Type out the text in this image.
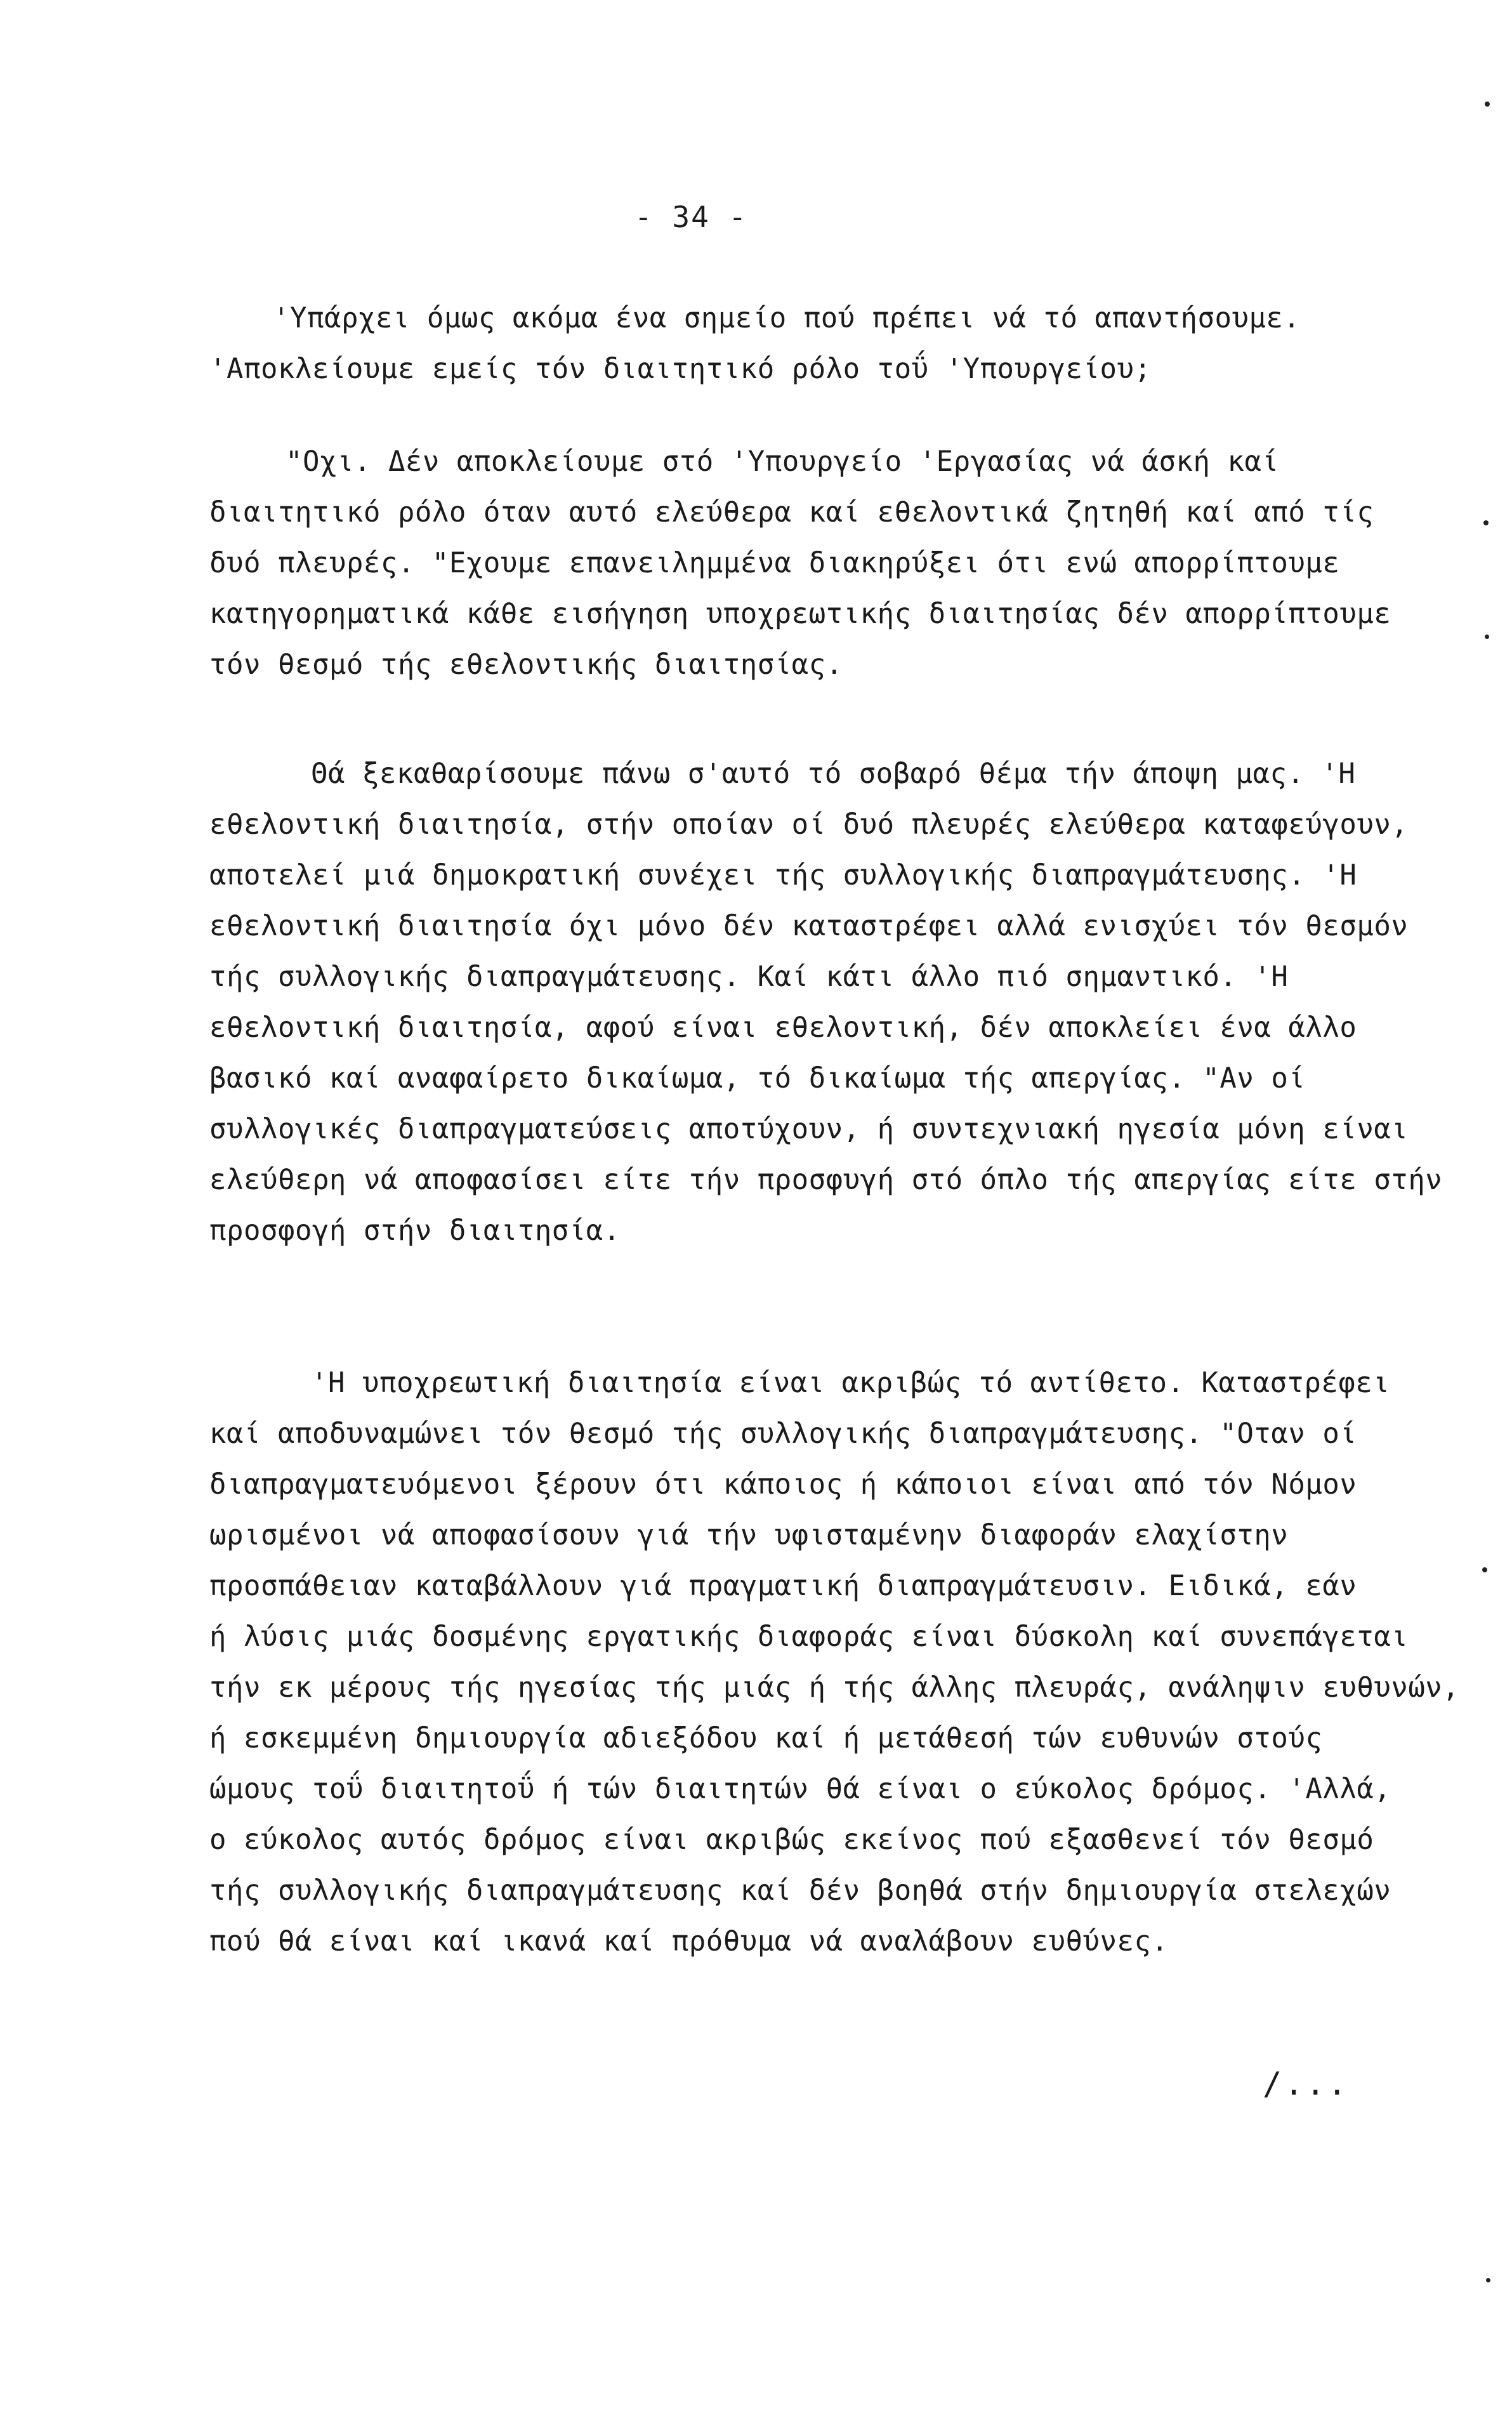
- 34 -
'Υπάρχει όμως ακόμα ένα σημείο πού πρέπει νά τό απαντήσουμε.
'Αποκλείουμε εμείς τόν διαιτητικό ρόλο τοΰ 'Υπουργείου;
"Οχι. Δέν αποκλείουμε στό 'Υπουργείο 'Εργασίας νά άσκή καί
διαιτητικό ρόλο όταν αυτό ελεύθερα καί εθελοντικά ζητηθή καί από τίς
δυό πλευρές. "Εχουμε επανειλημμένα διακηρύξει ότι ενώ απορρίπτουμε
κατηγορηματικά κάθε εισήγηση υποχρεωτικής διαιτησίας δέν απορρίπτουμε
τόν θεσμό τής εθελοντικής διαιτησίας.
Θά ξεκαθαρίσουμε πάνω σ'αυτό τό σοβαρό θέμα τήν άποψη μας. 'Η
εθελοντική διαιτησία, στήν οποίαν οί δυό πλευρές ελεύθερα καταφεύγουν,
αποτελεί μιά δημοκρατική συνέχει τής συλλογικής διαπραγμάτευσης. 'Η
εθελοντική διαιτησία όχι μόνο δέν καταστρέφει αλλά ενισχύει τόν θεσμόν
τής συλλογικής διαπραγμάτευσης. Καί κάτι άλλο πιό σημαντικό. 'Η
εθελοντική διαιτησία, αφού είναι εθελοντική, δέν αποκλείει ένα άλλο
βασικό καί αναφαίρετο δικαίωμα, τό δικαίωμα τής απεργίας. "Αν οί
συλλογικές διαπραγματεύσεις αποτύχουν, ή συντεχνιακή ηγεσία μόνη είναι
ελεύθερη νά αποφασίσει είτε τήν προσφυγή στό όπλο τής απεργίας είτε στήν
προσφογή στήν διαιτησία.
'Η υποχρεωτική διαιτησία είναι ακριβώς τό αντίθετο. Καταστρέφει
καί αποδυναμώνει τόν θεσμό τής συλλογικής διαπραγμάτευσης. "Οταν οί
διαπραγματευόμενοι ξέρουν ότι κάποιος ή κάποιοι είναι από τόν Νόμον
ωρισμένοι νά αποφασίσουν γιά τήν υφισταμένην διαφοράν ελαχίστην
προσπάθειαν καταβάλλουν γιά πραγματική διαπραγμάτευσιν. Ειδικά, εάν
ή λύσις μιάς δοσμένης εργατικής διαφοράς είναι δύσκολη καί συνεπάγεται
τήν εκ μέρους τής ηγεσίας τής μιάς ή τής άλλης πλευράς, ανάληψιν ευθυνών,
ή εσκεμμένη δημιουργία αδιεξόδου καί ή μετάθεσή τών ευθυνών στούς
ώμους τοΰ διαιτητοΰ ή τών διαιτητών θά είναι ο εύκολος δρόμος. 'Αλλά,
ο εύκολος αυτός δρόμος είναι ακριβώς εκείνος πού εξασθενεί τόν θεσμό
τής συλλογικής διαπραγμάτευσης καί δέν βοηθά στήν δημιουργία στελεχών
πού θά είναι καί ικανά καί πρόθυμα νά αναλάβουν ευθύνες.
/...
